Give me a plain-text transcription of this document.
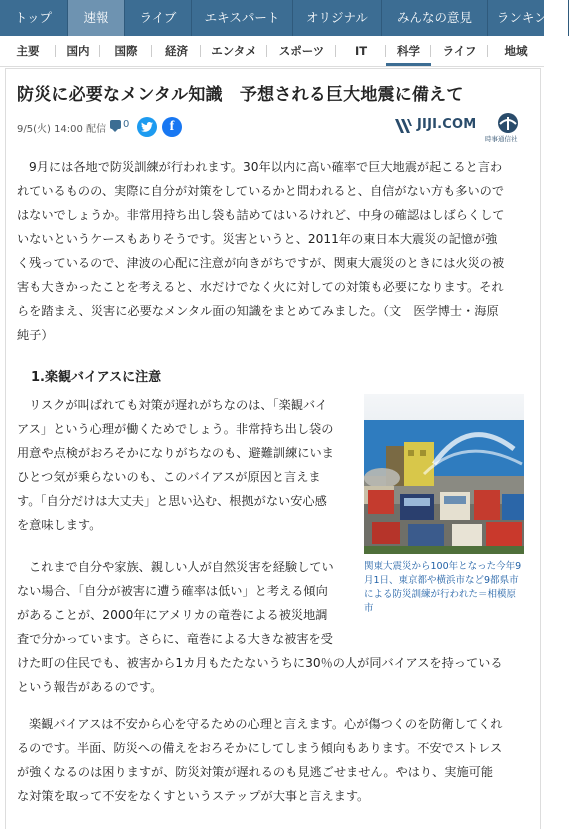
トップ	速報	ライブ	エキスパート	オリジナル	みんなの意見	ランキング
主要	国内	国際	経済	エンタメ	スポーツ	IT	科学	ライフ	地域
防災に必要なメンタル知識　予想される巨大地震に備えて
9/5(火) 14:00 配信 0	f	JIJI.COM
時事通信社
9月には各地で防災訓練が行われます。30年以内に高い確率で巨大地震が起こると言わ
れているものの、実際に自分が対策をしているかと問われると、自信がない方も多いので
はないでしょうか。非常用持ち出し袋も詰めてはいるけれど、中身の確認はしばらくして
いないというケースもありそうです。災害というと、2011年の東日本大震災の記憶が強
く残っているので、津波の心配に注意が向きがちですが、関東大震災のときには火災の被
害も大きかったことを考えると、水だけでなく火に対しての対策も必要になります。それ
らを踏まえ、災害に必要なメンタル面の知識をまとめてみました。（文　医学博士・海原
純子）
1.楽観バイアスに注意
リスクが叫ばれても対策が遅れがちなのは、「楽観バイ
アス」という心理が働くためでしょう。非常持ち出し袋の
用意や点検がおろそかになりがちなのも、避難訓練にいま
ひとつ気が乗らないのも、このバイアスが原因と言えま
す。「自分だけは大丈夫」と思い込む、根拠がない安心感
を意味します。
関東大震災から100年となった今年9
月1日、東京都や横浜市など9都県市
による防災訓練が行われた＝相模原
市
これまで自分や家族、親しい人が自然災害を経験してい
ない場合、「自分が被害に遭う確率は低い」と考える傾向
があることが、2000年にアメリカの竜巻による被災地調
査で分かっています。さらに、竜巻による大きな被害を受
けた町の住民でも、被害から1カ月もたたないうちに30％の人が同バイアスを持っている
という報告があるのです。
楽観バイアスは不安から心を守るための心理と言えます。心が傷つくのを防衛してくれ
るのです。半面、防災への備えをおろそかにしてしまう傾向もあります。不安でストレス
が強くなるのは困りますが、防災対策が遅れるのも見逃ごせません。やはり、実施可能
な対策を取って不安をなくすというステップが大事と言えます。
